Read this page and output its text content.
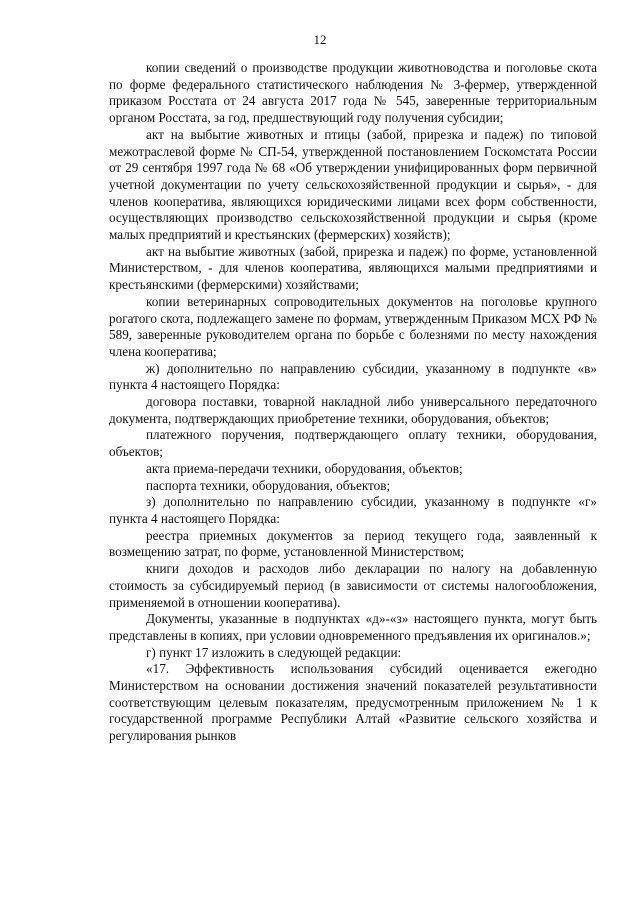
12

копии сведений о производстве продукции животноводства и поголовье скота по форме федерального статистического наблюдения № 3-фермер, утвержденной приказом Росстата от 24 августа 2017 года № 545, заверенные территориальным органом Росстата, за год, предшествующий году получения субсидии;

акт на выбытие животных и птицы (забой, прирезка и падеж) по типовой межотраслевой форме № СП-54, утвержденной постановлением Госкомстата России от 29 сентября 1997 года № 68 «Об утверждении унифицированных форм первичной учетной документации по учету сельскохозяйственной продукции и сырья», - для членов кооператива, являющихся юридическими лицами всех форм собственности, осуществляющих производство сельскохозяйственной продукции и сырья (кроме малых предприятий и крестьянских (фермерских) хозяйств);

акт на выбытие животных (забой, прирезка и падеж) по форме, установленной Министерством, - для членов кооператива, являющихся малыми предприятиями и крестьянскими (фермерскими) хозяйствами;

копии ветеринарных сопроводительных документов на поголовье крупного рогатого скота, подлежащего замене по формам, утвержденным Приказом МСХ РФ № 589, заверенные руководителем органа по борьбе с болезнями по месту нахождения члена кооператива;

ж) дополнительно по направлению субсидии, указанному в подпункте «в» пункта 4 настоящего Порядка:

договора поставки, товарной накладной либо универсального передаточного документа, подтверждающих приобретение техники, оборудования, объектов;

платежного поручения, подтверждающего оплату техники, оборудования, объектов;

акта приема-передачи техники, оборудования, объектов;

паспорта техники, оборудования, объектов;

з) дополнительно по направлению субсидии, указанному в подпункте «г» пункта 4 настоящего Порядка:

реестра приемных документов за период текущего года, заявленный к возмещению затрат, по форме, установленной Министерством;

книги доходов и расходов либо декларации по налогу на добавленную стоимость за субсидируемый период (в зависимости от системы налогообложения, применяемой в отношении кооператива).

Документы, указанные в подпунктах «д»-«з» настоящего пункта, могут быть представлены в копиях, при условии одновременного предъявления их оригиналов.»;

г) пункт 17 изложить в следующей редакции:

«17. Эффективность использования субсидий оценивается ежегодно Министерством на основании достижения значений показателей результативности соответствующим целевым показателям, предусмотренным приложением № 1 к государственной программе Республики Алтай «Развитие сельского хозяйства и регулирования рынков
